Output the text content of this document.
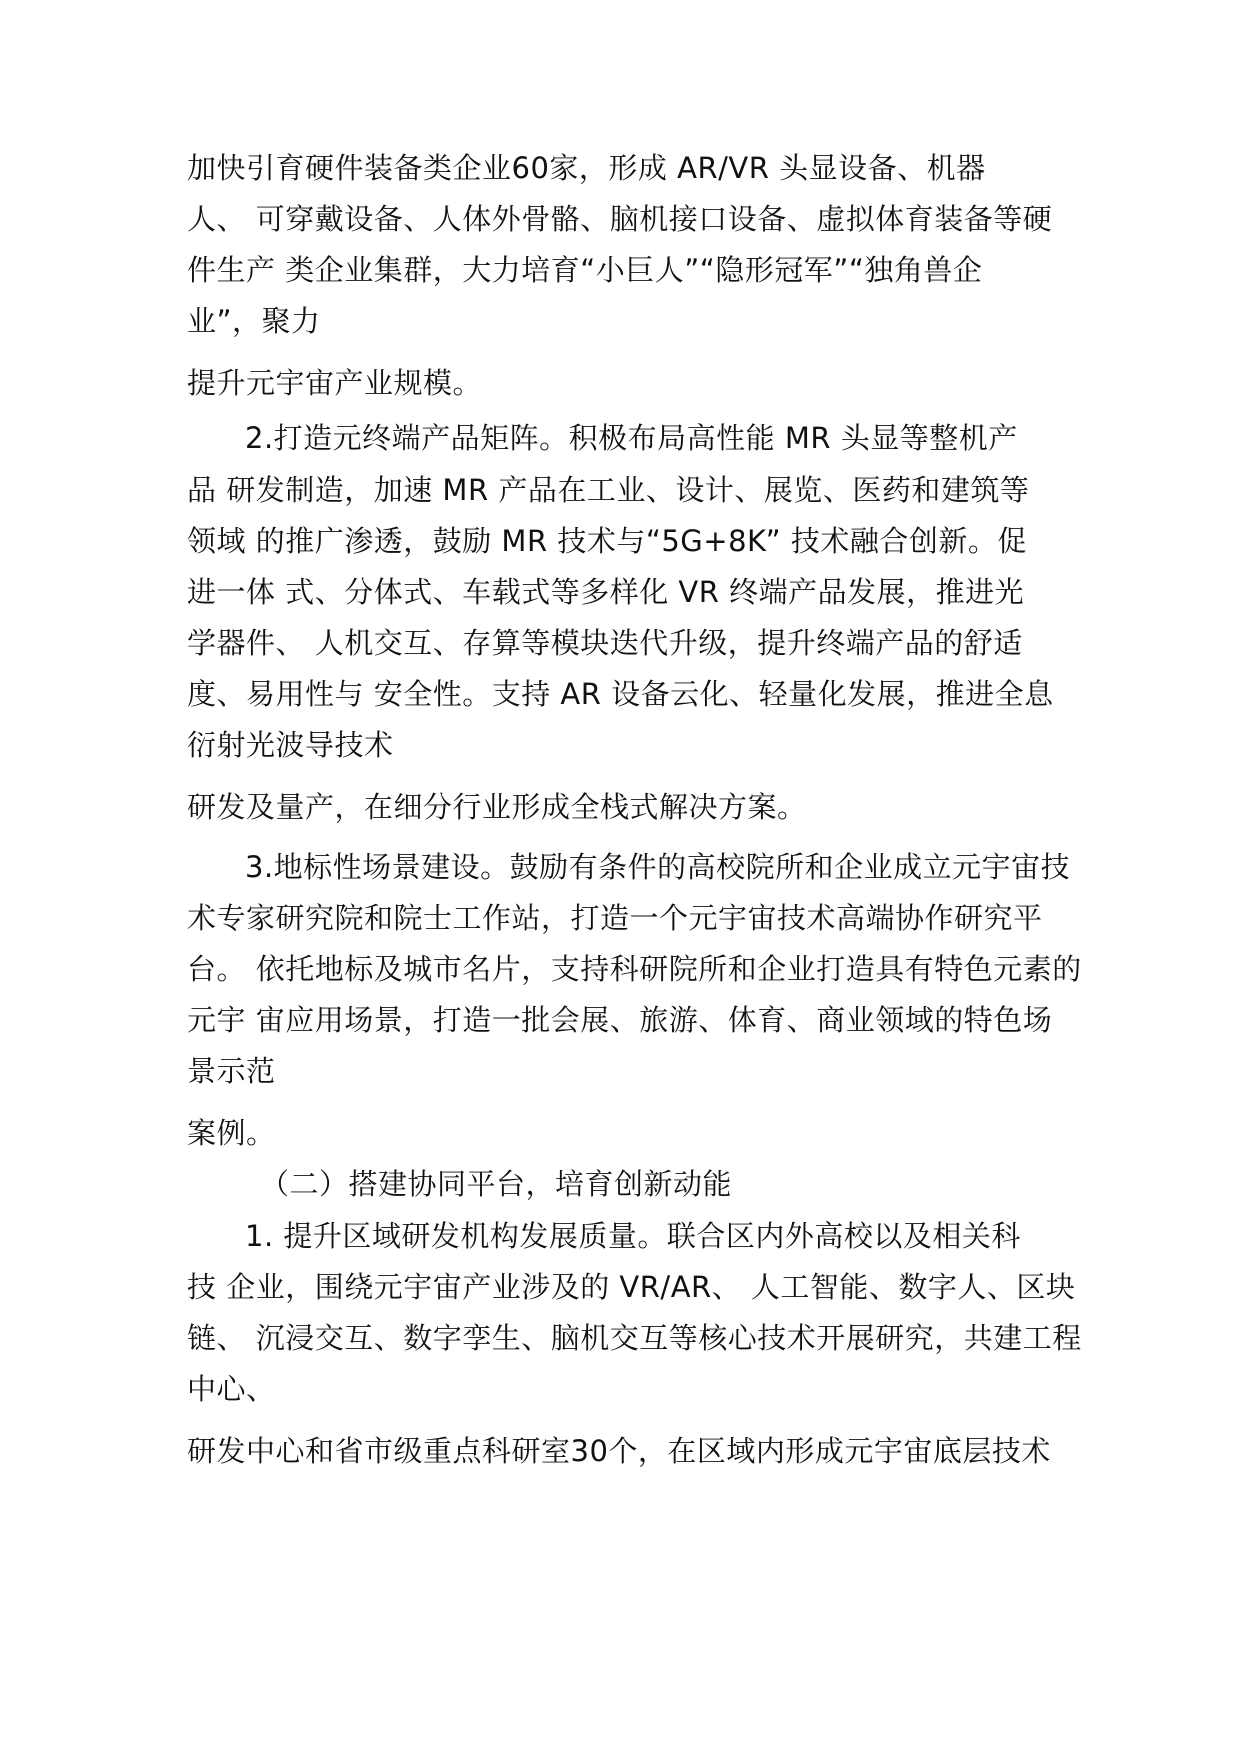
加快引育硬件装备类企业60家，形成 AR/VR 头显设备、机器
人、 可穿戴设备、人体外骨骼、脑机接口设备、虚拟体育装备等硬
件生产 类企业集群，大力培育“小巨人”“隐形冠军”“独角兽企
业”，聚力
提升元宇宙产业规模。
2.打造元终端产品矩阵。积极布局高性能 MR 头显等整机产
品 研发制造，加速 MR 产品在工业、设计、展览、医药和建筑等
领域 的推广渗透，鼓励 MR 技术与“5G+8K” 技术融合创新。促
进一体 式、分体式、车载式等多样化 VR 终端产品发展，推进光
学器件、 人机交互、存算等模块迭代升级，提升终端产品的舒适
度、易用性与 安全性。支持 AR 设备云化、轻量化发展，推进全息
衍射光波导技术
研发及量产，在细分行业形成全栈式解决方案。
3.地标性场景建设。鼓励有条件的高校院所和企业成立元宇宙技
术专家研究院和院士工作站，打造一个元宇宙技术高端协作研究平
台。 依托地标及城市名片，支持科研院所和企业打造具有特色元素的
元宇 宙应用场景，打造一批会展、旅游、体育、商业领域的特色场
景示范
案例。
（二）搭建协同平台，培育创新动能
1. 提升区域研发机构发展质量。联合区内外高校以及相关科
技 企业，围绕元宇宙产业涉及的 VR/AR、 人工智能、数字人、区块
链、 沉浸交互、数字孪生、脑机交互等核心技术开展研究，共建工程
中心、
研发中心和省市级重点科研室30个，在区域内形成元宇宙底层技术
